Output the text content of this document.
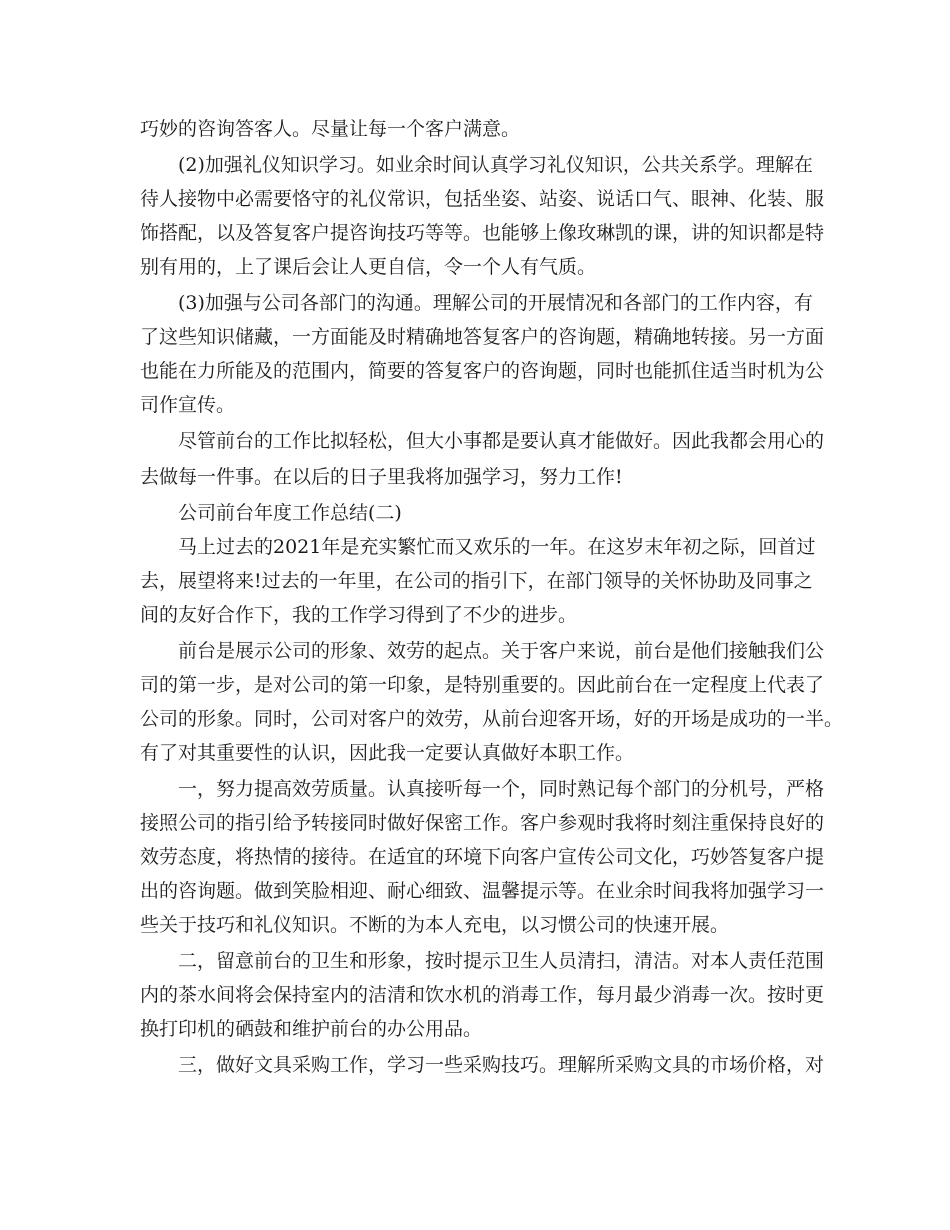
巧妙的咨询答客人。尽量让每一个客户满意。
(2)加强礼仪知识学习。如业余时间认真学习礼仪知识，公共关系学。理解在
待人接物中必需要恪守的礼仪常识，包括坐姿、站姿、说话口气、眼神、化装、服
饰搭配，以及答复客户提咨询技巧等等。也能够上像玫琳凯的课，讲的知识都是特
别有用的，上了课后会让人更自信，令一个人有气质。
(3)加强与公司各部门的沟通。理解公司的开展情况和各部门的工作内容，有
了这些知识储藏，一方面能及时精确地答复客户的咨询题，精确地转接。另一方面
也能在力所能及的范围内，简要的答复客户的咨询题，同时也能抓住适当时机为公
司作宣传。
尽管前台的工作比拟轻松，但大小事都是要认真才能做好。因此我都会用心的
去做每一件事。在以后的日子里我将加强学习，努力工作!
公司前台年度工作总结(二)
马上过去的2021年是充实繁忙而又欢乐的一年。在这岁末年初之际，回首过
去，展望将来!过去的一年里，在公司的指引下，在部门领导的关怀协助及同事之
间的友好合作下，我的工作学习得到了不少的进步。
前台是展示公司的形象、效劳的起点。关于客户来说，前台是他们接触我们公
司的第一步，是对公司的第一印象，是特别重要的。因此前台在一定程度上代表了
公司的形象。同时，公司对客户的效劳，从前台迎客开场，好的开场是成功的一半。
有了对其重要性的认识，因此我一定要认真做好本职工作。
一，努力提高效劳质量。认真接听每一个，同时熟记每个部门的分机号，严格
接照公司的指引给予转接同时做好保密工作。客户参观时我将时刻注重保持良好的
效劳态度，将热情的接待。在适宜的环境下向客户宣传公司文化，巧妙答复客户提
出的咨询题。做到笑脸相迎、耐心细致、温馨提示等。在业余时间我将加强学习一
些关于技巧和礼仪知识。不断的为本人充电，以习惯公司的快速开展。
二，留意前台的卫生和形象，按时提示卫生人员清扫，清洁。对本人责任范围
内的茶水间将会保持室内的洁清和饮水机的消毒工作，每月最少消毒一次。按时更
换打印机的硒鼓和维护前台的办公用品。
三，做好文具采购工作，学习一些采购技巧。理解所采购文具的市场价格，对
